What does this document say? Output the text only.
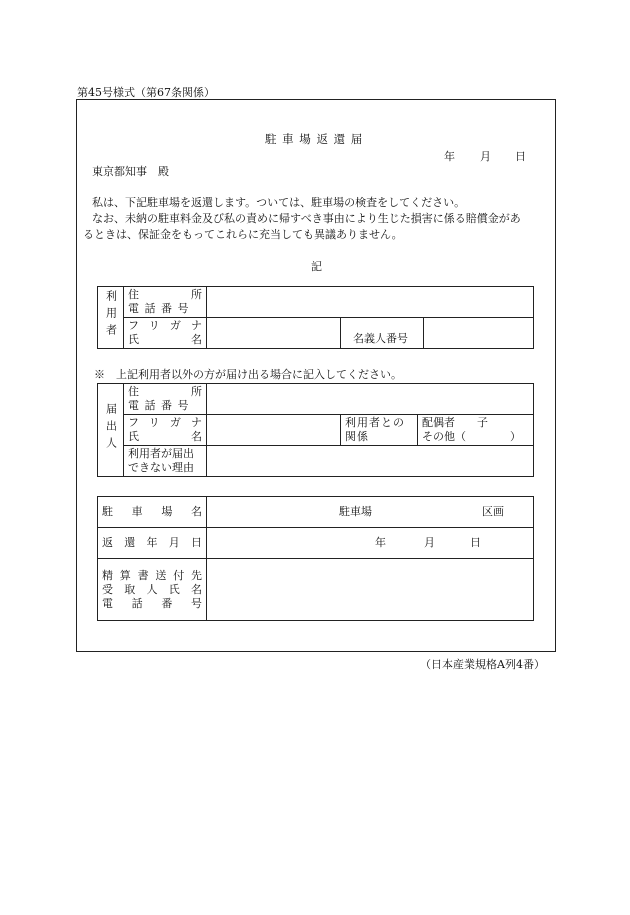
第45号様式（第67条関係）
駐 車 場 返 還 届
年 月 日
東京都知事　殿
私は、下記駐車場を返還します。ついては、駐車場の検査をしてください。
なお、未納の駐車料金及び私の責めに帰すべき事由により生じた損害に係る賠償金があ
るときは、保証金をもってこれらに充当しても異議ありません。
記
利用者	住　所
電 話 番 号			

	フリガナ
氏　名		名義人番号	

※　上記利用者以外の方が届け出る場合に記入してください。
届出人	住　所
電 話 番 号			

	フリガナ
氏　名		利用者との
関係	配偶者　　子
その他（　　　　）

	利用者が届出
できない理由			

駐車場名	駐車場 区画

返還年月日	年 月 日

精算書送付先
受取人氏名
電話番号	

（日本産業規格A列4番）
